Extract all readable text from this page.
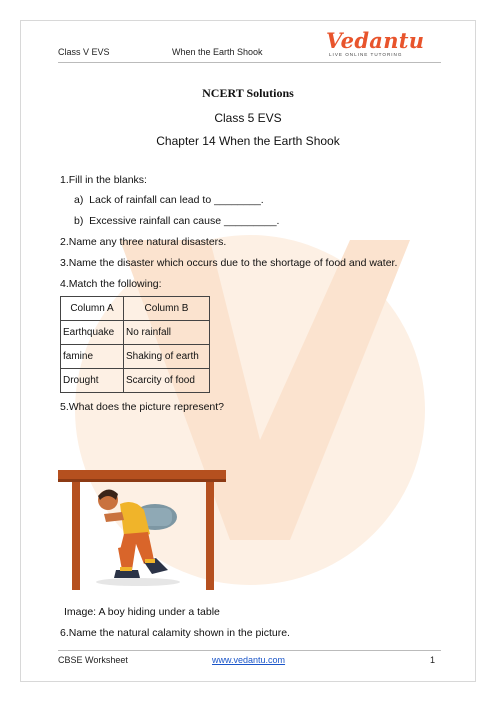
Class V EVS	When the Earth Shook	Vedantu
LIVE ONLINE TUTORING
NCERT Solutions
Class 5 EVS
Chapter 14 When the Earth Shook
1.Fill in the blanks:
a)  Lack of rainfall can lead to ________.
b)  Excessive rainfall can cause _________.
2.Name any three natural disasters.
3.Name the disaster which occurs due to the shortage of food and water.
4.Match the following:
Column A	Column B
Earthquake	No rainfall
famine	Shaking of earth
Drought	Scarcity of food
5.What does the picture represent?
Image: A boy hiding under a table
6.Name the natural calamity shown in the picture.
CBSE Worksheet	www.vedantu.com	1
